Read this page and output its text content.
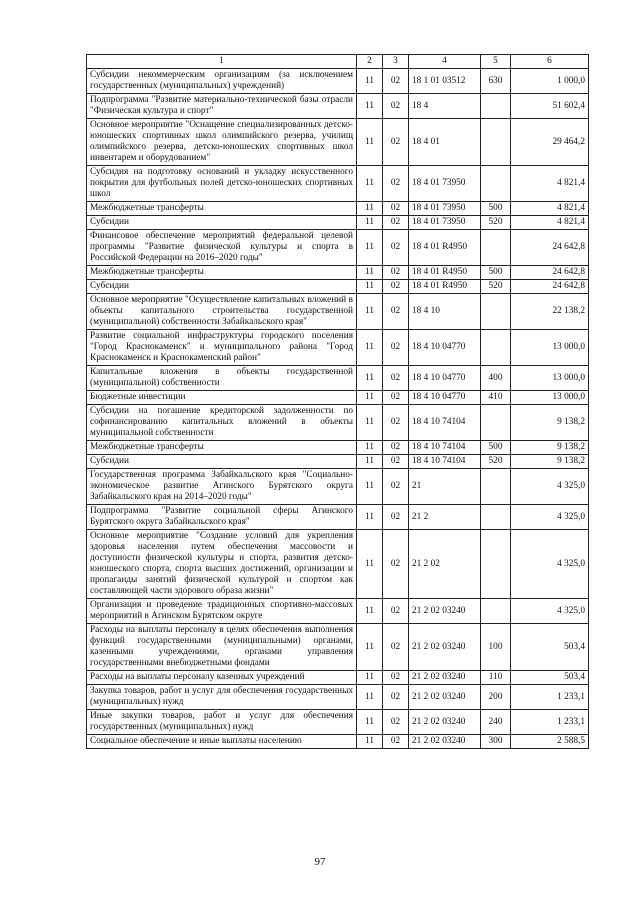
1	2	3	4	5	6
Субсидии некоммерческим организациям (за исключением государственных (муниципальных) учреждений)	11	02	18 1 01 03512	630	1 000,0
Подпрограмма "Развитие материально-технической базы отрасли "Физическая культура и спорт"	11	02	18 4		51 602,4
Основное мероприятие "Оснащение специализированных детско-юношеских спортивных школ олимпийского резерва, училищ олимпийского резерва, детско-юношеских спортивных школ инвентарем и оборудованием"	11	02	18 4 01		29 464,2
Субсидия на подготовку оснований и укладку искусственного покрытия для футбольных полей детско-юношеских спортивных школ	11	02	18 4 01 73950		4 821,4
Межбюджетные трансферты	11	02	18 4 01 73950	500	4 821,4
Субсидии	11	02	18 4 01 73950	520	4 821,4
Финансовое обеспечение мероприятий федеральной целевой программы "Развитие физической культуры и спорта в Российской Федерации на 2016–2020 годы"	11	02	18 4 01 R4950		24 642,8
Межбюджетные трансферты	11	02	18 4 01 R4950	500	24 642,8
Субсидии	11	02	18 4 01 R4950	520	24 642,8
Основное мероприятие "Осуществление капитальных вложений в объекты капитального строительства государственной (муниципальной) собственности Забайкальского края"	11	02	18 4 10		22 138,2
Развитие социальной инфраструктуры городского поселения "Город Краснокаменск" и муниципального района "Город Краснокаменск и Краснокаменский район"	11	02	18 4 10 04770		13 000,0
Капитальные вложения в объекты государственной (муниципальной) собственности	11	02	18 4 10 04770	400	13 000,0
Бюджетные инвестиции	11	02	18 4 10 04770	410	13 000,0
Субсидии на погашение кредиторской задолженности по софинансированию капитальных вложений в объекты муниципальной собственности	11	02	18 4 10 74104		9 138,2
Межбюджетные трансферты	11	02	18 4 10 74104	500	9 138,2
Субсидии	11	02	18 4 10 74104	520	9 138,2
Государственная программа Забайкальского края "Социально-экономическое развитие Агинского Бурятского округа Забайкальского края на 2014–2020 годы"	11	02	21		4 325,0
Подпрограмма "Развитие социальной сферы Агинского Бурятского округа Забайкальского края"	11	02	21 2		4 325,0
Основное мероприятие "Создание условий для укрепления здоровья населения путем обеспечения массовости и доступности физической культуры и спорта, развития детско-юношеского спорта, спорта высших достижений, организации и пропаганды занятий физической культурой и спортом как составляющей части здорового образа жизни"	11	02	21 2 02		4 325,0
Организация и проведение традиционных спортивно-массовых мероприятий в Агинском Бурятском округе	11	02	21 2 02 03240		4 325,0
Расходы на выплаты персоналу в целях обеспечения выполнения функций государственными (муниципальными) органами, казенными учреждениями, органами управления государственными внебюджетными фондами	11	02	21 2 02 03240	100	503,4
Расходы на выплаты персоналу казенных учреждений	11	02	21 2 02 03240	110	503,4
Закупка товаров, работ и услуг для обеспечения государственных (муниципальных) нужд	11	02	21 2 02 03240	200	1 233,1
Иные закупки товаров, работ и услуг для обеспечения государственных (муниципальных) нужд	11	02	21 2 02 03240	240	1 233,1
Социальное обеспечение и иные выплаты населению	11	02	21 2 02 03240	300	2 588,5
97
